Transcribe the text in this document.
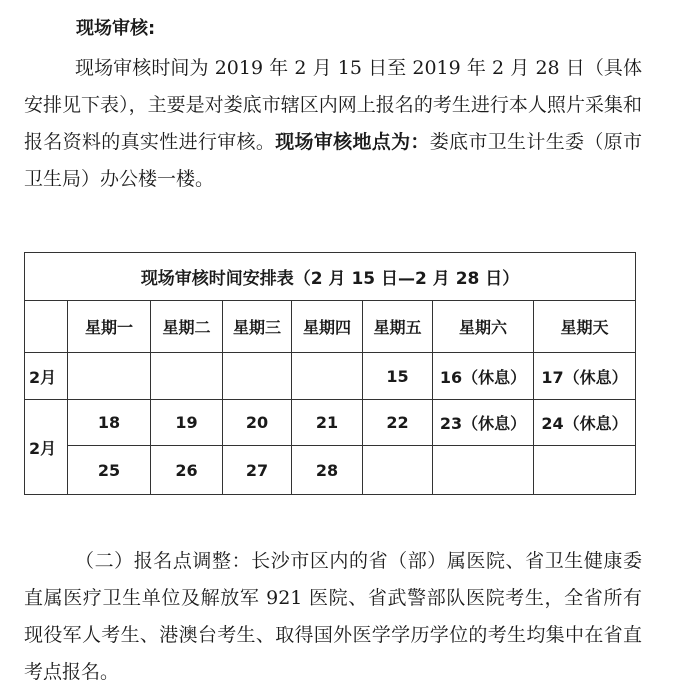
现场审核:

现场审核时间为 2019 年 2 月 15 日至 2019 年 2 月 28 日（具体安排见下表），主要是对娄底市辖区内网上报名的考生进行本人照片采集和报名资料的真实性进行审核。现场审核地点为：娄底市卫生计生委（原市卫生局）办公楼一楼。

现场审核时间安排表（2 月 15 日—2 月 28 日）							
	星期一	星期二	星期三	星期四	星期五	星期六	星期天
2月					15	16（休息）	17（休息）
2月	18	19	20	21	22	23（休息）	24（休息）
	25	26	27	28			

（二）报名点调整：长沙市区内的省（部）属医院、省卫生健康委直属医疗卫生单位及解放军 921 医院、省武警部队医院考生，全省所有现役军人考生、港澳台考生、取得国外医学学历学位的考生均集中在省直考点报名。
